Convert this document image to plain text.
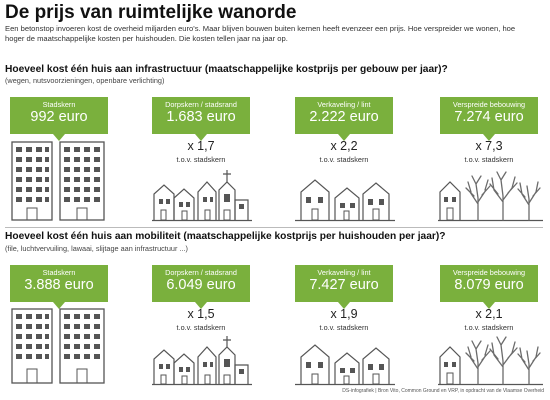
De prijs van ruimtelijke wanorde
Een betonstop invoeren kost de overheid miljarden euro's. Maar blijven bouwen buiten kernen heeft evenzeer een prijs. Hoe verspreider we wonen, hoe hoger de maatschappelijke kosten per huishouden. Die kosten tellen jaar na jaar op.
Hoeveel kost één huis aan infrastructuur (maatschappelijke kostprijs per gebouw per jaar)?
(wegen, nutsvoorzieningen, openbare verlichting)
Stadskern
992 euro
Dorpskern / stadsrand
1.683 euro
Verkaveling / lint
2.222 euro
Verspreide bebouwing
7.274 euro
x 1,7
t.o.v. stadskern
x 2,2
t.o.v. stadskern
x 7,3
t.o.v. stadskern
Hoeveel kost één huis aan mobiliteit (maatschappelijke kostprijs per huishouden per jaar)?
(file, luchtvervuiling, lawaai, slijtage aan infrastructuur ...)
Stadskern
3.888 euro
Dorpskern / stadsrand
6.049 euro
Verkaveling / lint
7.427 euro
Verspreide bebouwing
8.079 euro
x 1,5
t.o.v. stadskern
x 1,9
t.o.v. stadskern
x 2,1
t.o.v. stadskern
DS-infografiek | Bron Vito, Common Ground en VRP, in opdracht van de Vlaamse Overheid
